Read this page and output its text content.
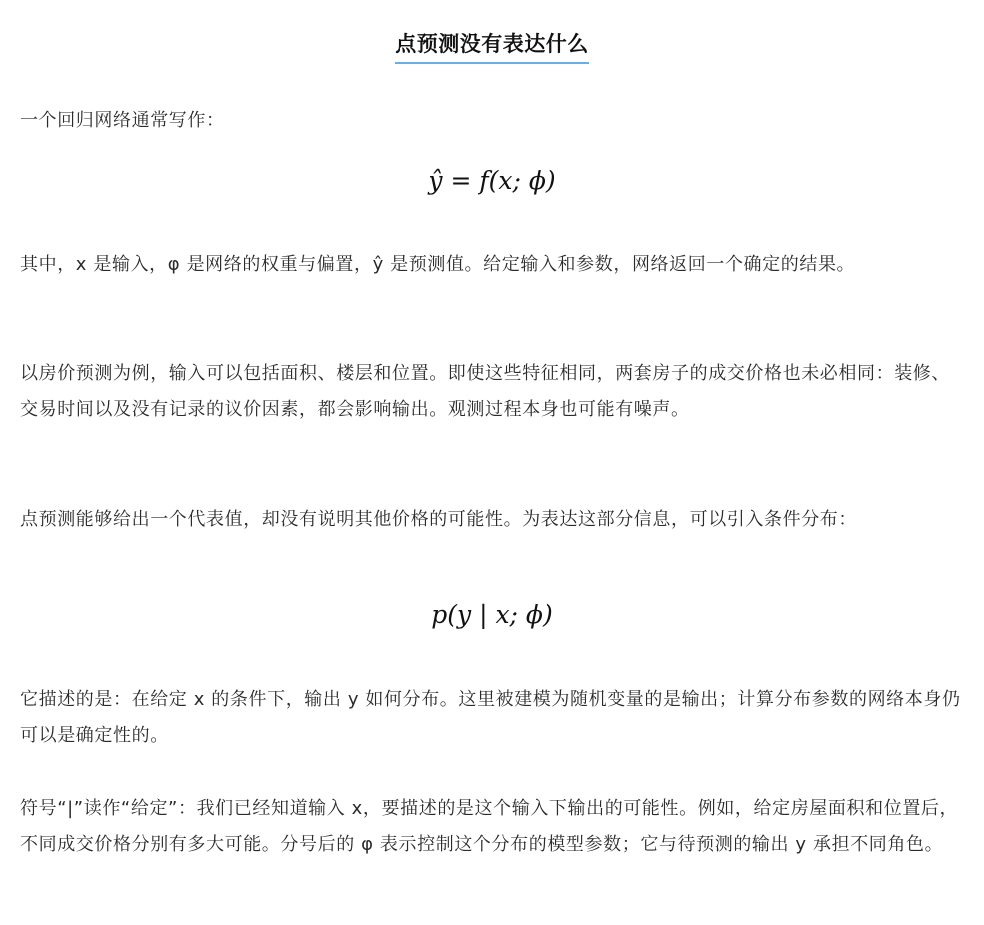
点预测没有表达什么

一个回归网络通常写作：

ŷ = f(x; ϕ)

其中，x 是输入，φ 是网络的权重与偏置，ŷ 是预测值。给定输入和参数，网络返回一个确定的结果。

以房价预测为例，输入可以包括面积、楼层和位置。即使这些特征相同，两套房子的成交价格也未必相同：装修、交易时间以及没有记录的议价因素，都会影响输出。观测过程本身也可能有噪声。

点预测能够给出一个代表值，却没有说明其他价格的可能性。为表达这部分信息，可以引入条件分布：

p(y | x; ϕ)

它描述的是：在给定 x 的条件下，输出 y 如何分布。这里被建模为随机变量的是输出；计算分布参数的网络本身仍可以是确定性的。

符号“|”读作“给定”：我们已经知道输入 x，要描述的是这个输入下输出的可能性。例如，给定房屋面积和位置后，不同成交价格分别有多大可能。分号后的 φ 表示控制这个分布的模型参数；它与待预测的输出 y 承担不同角色。
